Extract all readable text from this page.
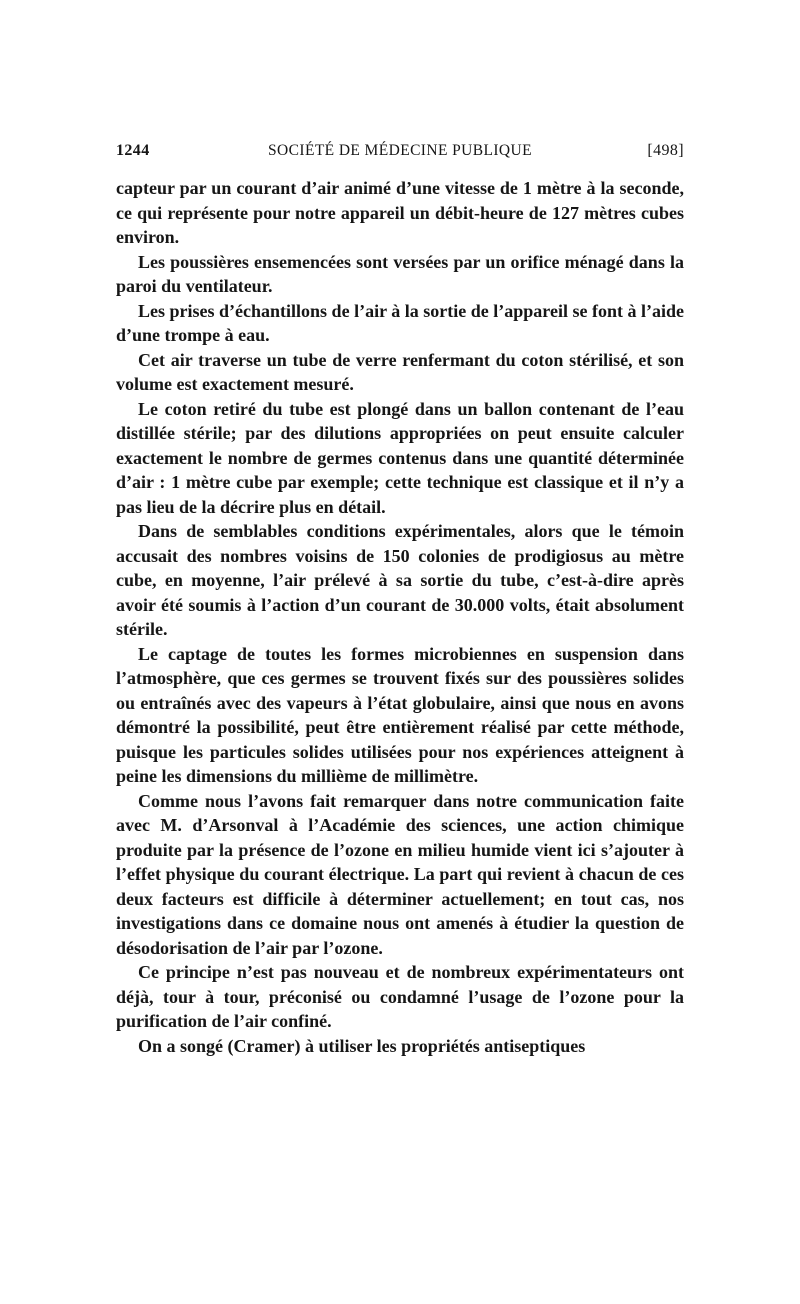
1244	SOCIÉTÉ DE MÉDECINE PUBLIQUE	[498]

capteur par un courant d’air animé d’une vitesse de 1 mètre à la seconde, ce qui représente pour notre appareil un débit-heure de 127 mètres cubes environ.

Les poussières ensemencées sont versées par un orifice ménagé dans la paroi du ventilateur.

Les prises d’échantillons de l’air à la sortie de l’appareil se font à l’aide d’une trompe à eau.

Cet air traverse un tube de verre renfermant du coton stérilisé, et son volume est exactement mesuré.

Le coton retiré du tube est plongé dans un ballon contenant de l’eau distillée stérile; par des dilutions appropriées on peut ensuite calculer exactement le nombre de germes contenus dans une quantité déterminée d’air : 1 mètre cube par exemple; cette technique est classique et il n’y a pas lieu de la décrire plus en détail.

Dans de semblables conditions expérimentales, alors que le témoin accusait des nombres voisins de 150 colonies de prodigiosus au mètre cube, en moyenne, l’air prélevé à sa sortie du tube, c’est-à-dire après avoir été soumis à l’action d’un courant de 30.000 volts, était absolument stérile.

Le captage de toutes les formes microbiennes en suspension dans l’atmosphère, que ces germes se trouvent fixés sur des poussières solides ou entraînés avec des vapeurs à l’état globulaire, ainsi que nous en avons démontré la possibilité, peut être entièrement réalisé par cette méthode, puisque les particules solides utilisées pour nos expériences atteignent à peine les dimensions du millième de millimètre.

Comme nous l’avons fait remarquer dans notre communication faite avec M. d’Arsonval à l’Académie des sciences, une action chimique produite par la présence de l’ozone en milieu humide vient ici s’ajouter à l’effet physique du courant électrique. La part qui revient à chacun de ces deux facteurs est difficile à déterminer actuellement; en tout cas, nos investigations dans ce domaine nous ont amenés à étudier la question de désodorisation de l’air par l’ozone.

Ce principe n’est pas nouveau et de nombreux expérimentateurs ont déjà, tour à tour, préconisé ou condamné l’usage de l’ozone pour la purification de l’air confiné.

On a songé (Cramer) à utiliser les propriétés antiseptiques
